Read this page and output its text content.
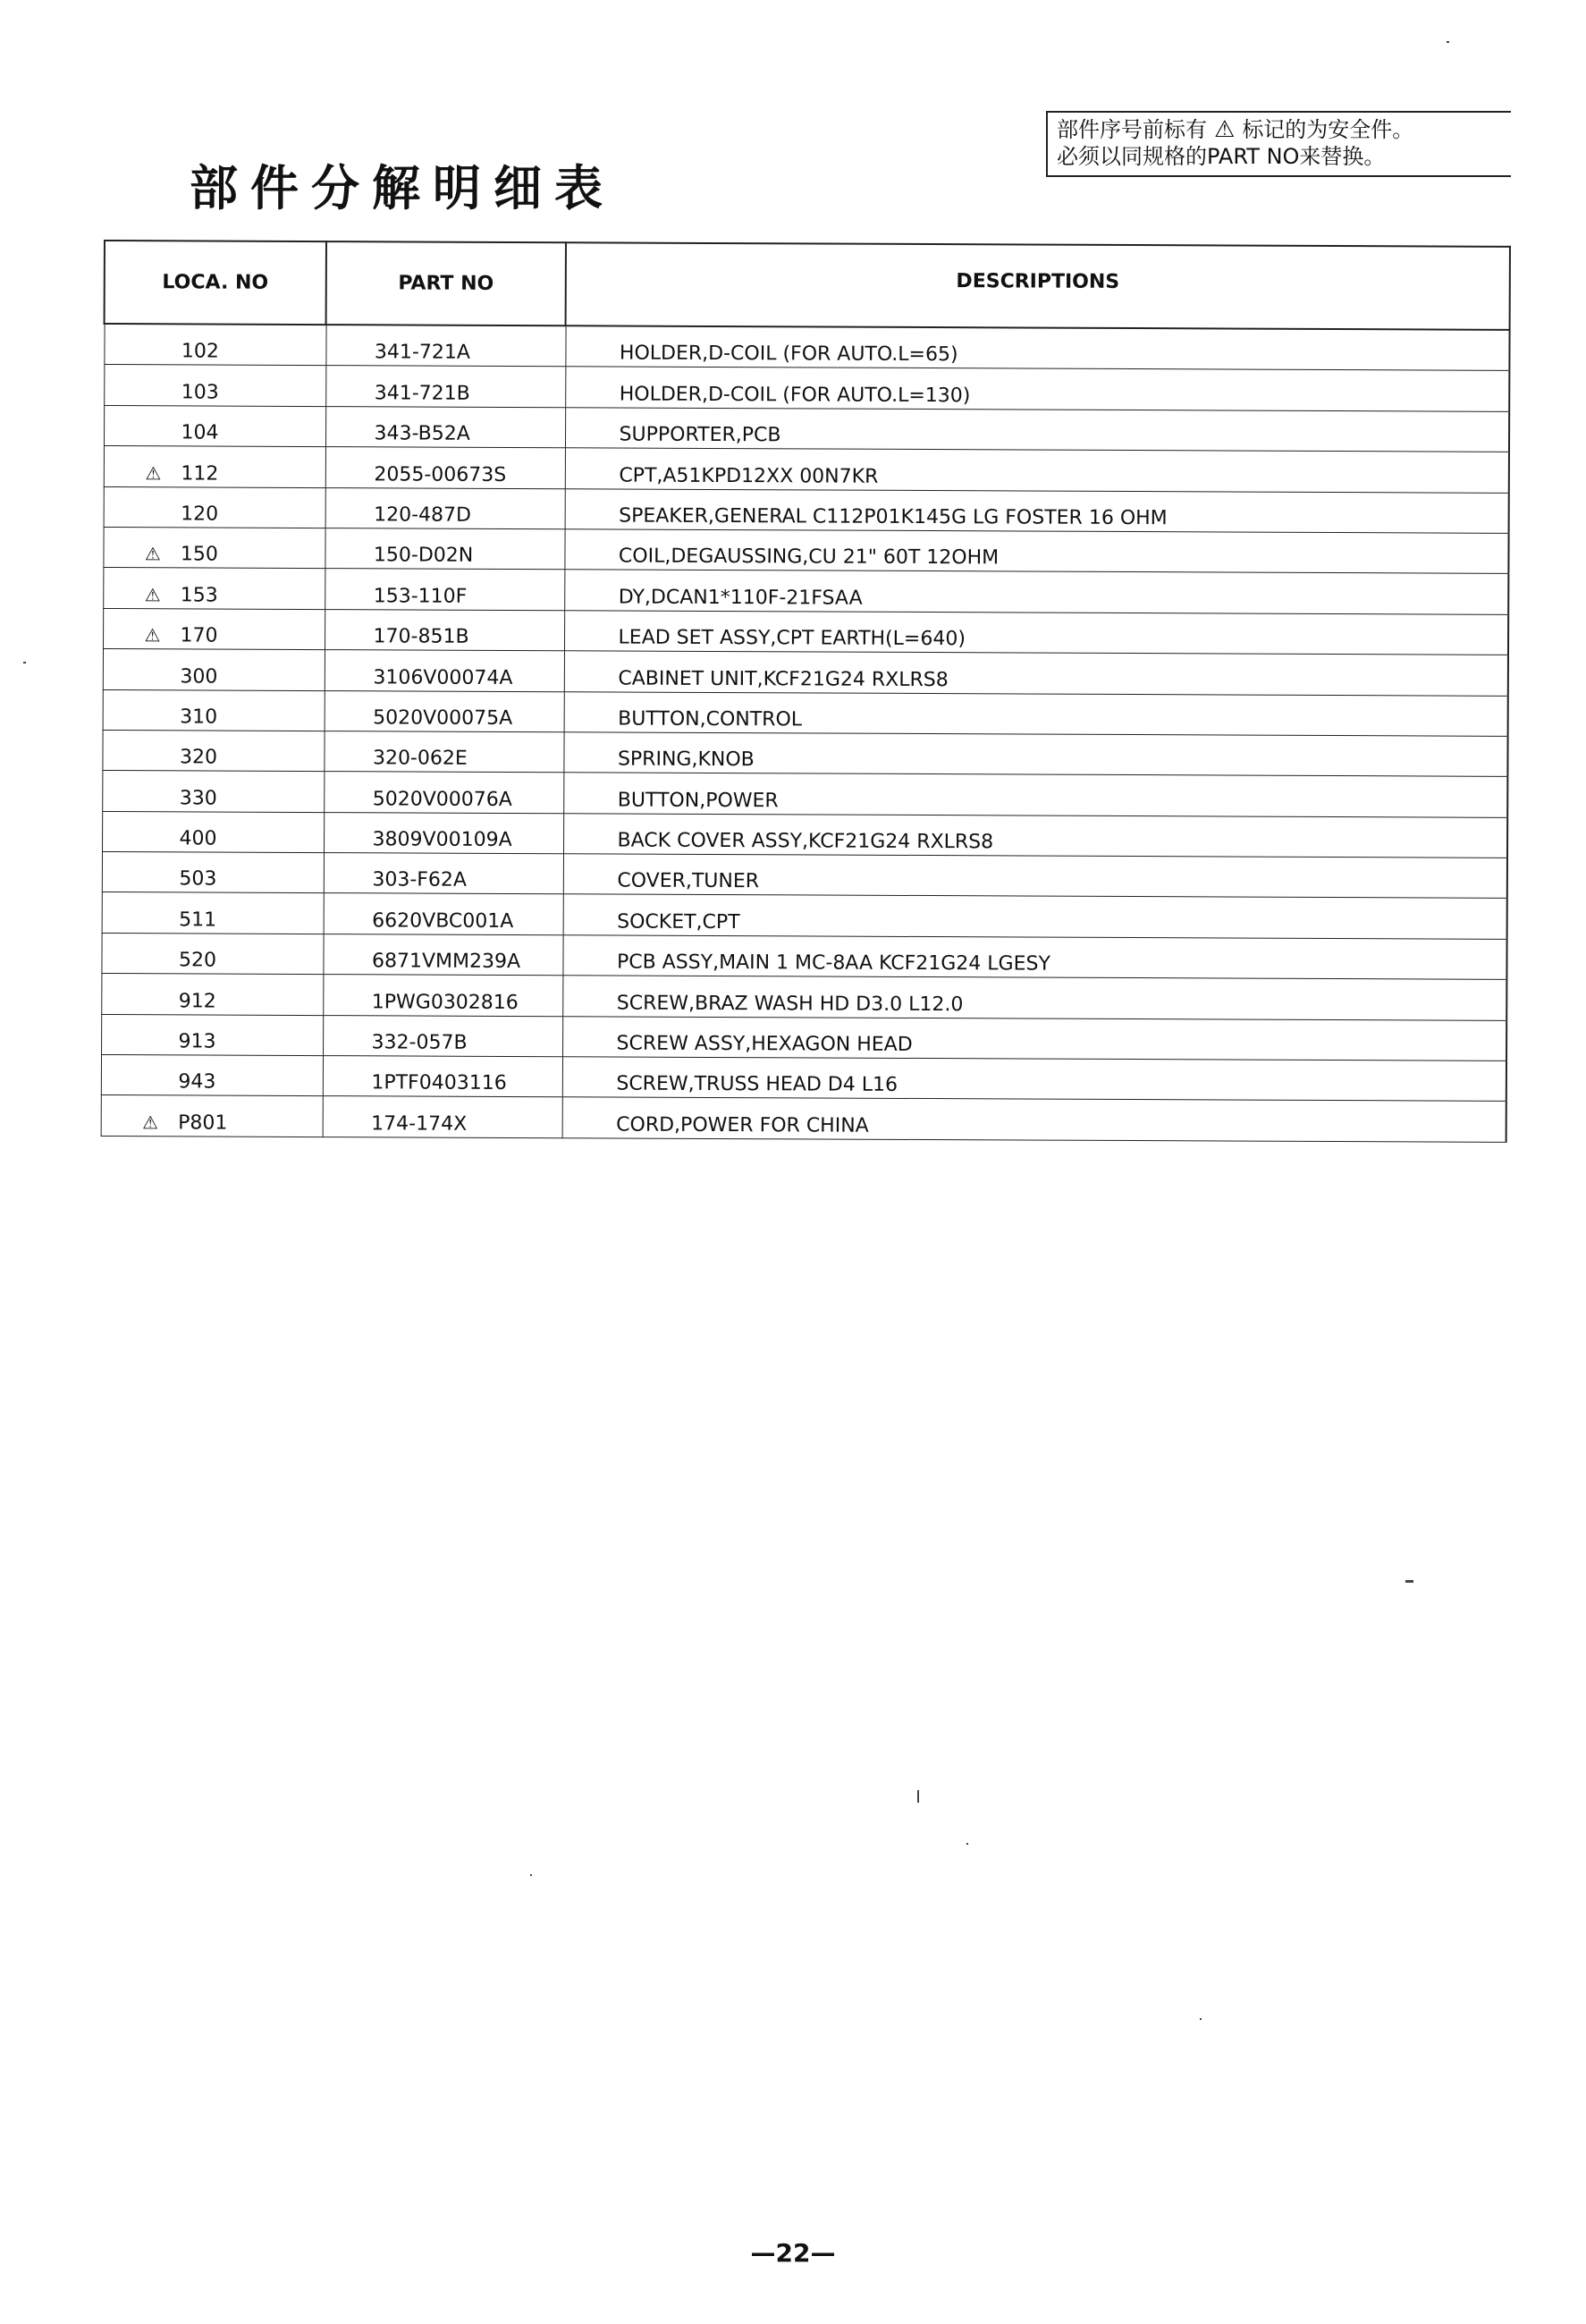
部件分解明细表
部件序号前标有 ⚠ 标记的为安全件。
必须以同规格的PART NO来替换。
LOCA. NO	PART NO	DESCRIPTIONS
102	341-721A	HOLDER,D-COIL (FOR AUTO.L=65)
103	341-721B	HOLDER,D-COIL (FOR AUTO.L=130)
104	343-B52A	SUPPORTER,PCB
⚠ 112	2055-00673S	CPT,A51KPD12XX 00N7KR
120	120-487D	SPEAKER,GENERAL C112P01K145G LG FOSTER 16 OHM
⚠ 150	150-D02N	COIL,DEGAUSSING,CU 21" 60T 12OHM
⚠ 153	153-110F	DY,DCAN1*110F-21FSAA
⚠ 170	170-851B	LEAD SET ASSY,CPT EARTH(L=640)
300	3106V00074A	CABINET UNIT,KCF21G24 RXLRS8
310	5020V00075A	BUTTON,CONTROL
320	320-062E	SPRING,KNOB
330	5020V00076A	BUTTON,POWER
400	3809V00109A	BACK COVER ASSY,KCF21G24 RXLRS8
503	303-F62A	COVER,TUNER
511	6620VBC001A	SOCKET,CPT
520	6871VMM239A	PCB ASSY,MAIN 1 MC-8AA KCF21G24 LGESY
912	1PWG0302816	SCREW,BRAZ WASH HD D3.0 L12.0
913	332-057B	SCREW ASSY,HEXAGON HEAD
943	1PTF0403116	SCREW,TRUSS HEAD D4 L16
⚠ P801	174-174X	CORD,POWER FOR CHINA
—22—
